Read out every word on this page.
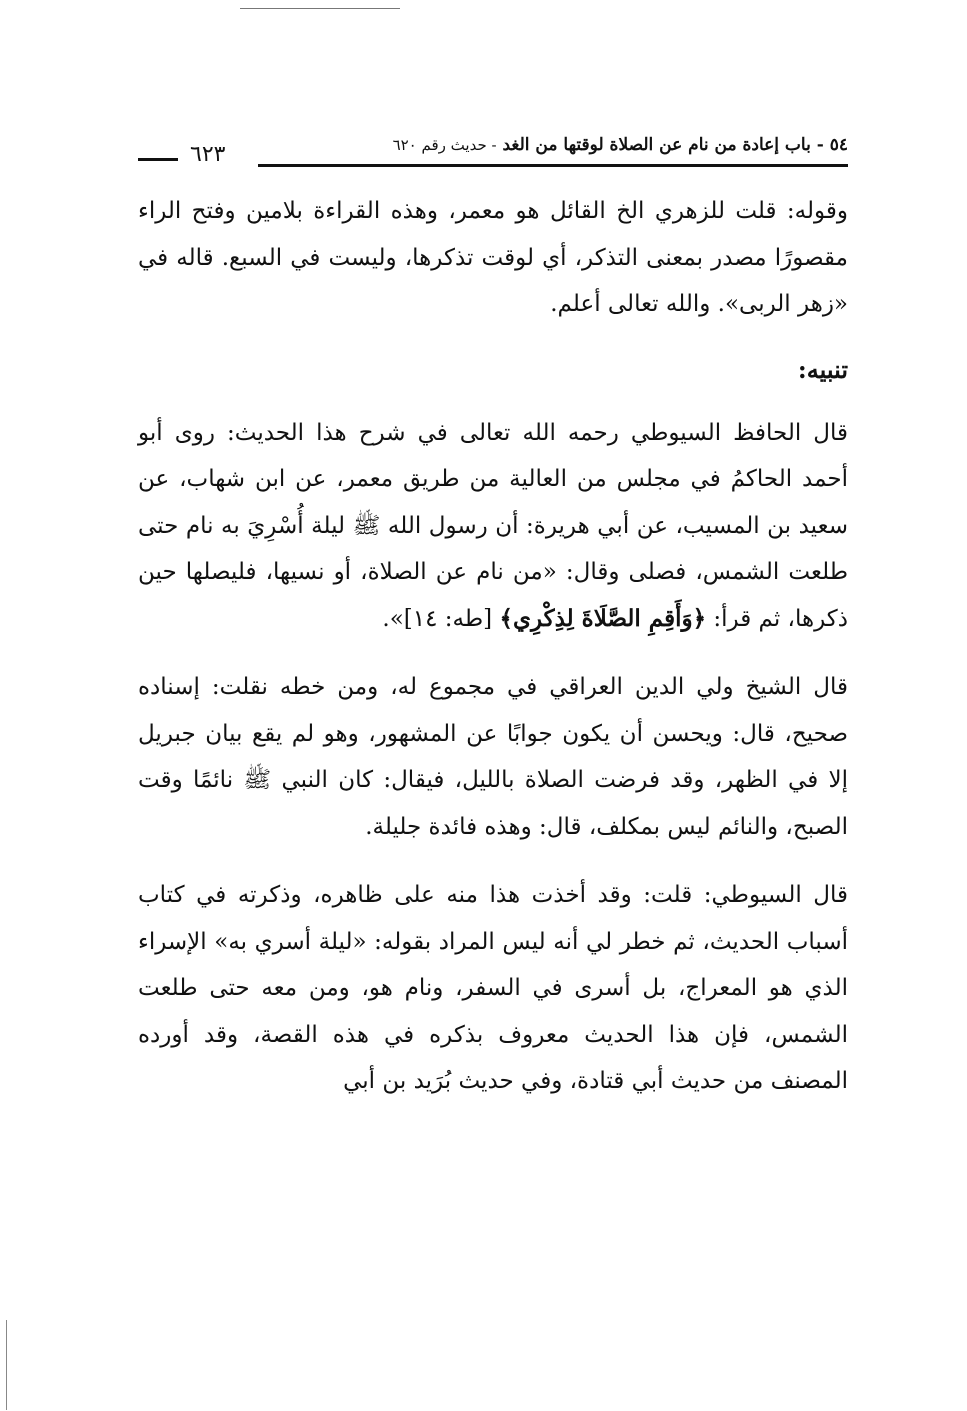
٥٤ - باب إعادة من نام عن الصلاة لوقتها من الغد - حديث رقم ٦٢٠
٦٢٣

وقوله: قلت للزهري الخ القائل هو معمر، وهذه القراءة بلامين وفتح الراء مقصورًا مصدر بمعنى التذكر، أي لوقت تذكرها، وليست في السبع. قاله في «زهر الربى». والله تعالى أعلم.

تنبيه:

قال الحافظ السيوطي رحمه الله تعالى في شرح هذا الحديث: روى أبو أحمد الحاكمُ في مجلس من العالية من طريق معمر، عن ابن شهاب، عن سعيد بن المسيب، عن أبي هريرة: أن رسول الله ﷺ ليلة أُسْرِيَ به نام حتى طلعت الشمس، فصلى وقال: «من نام عن الصلاة، أو نسيها، فليصلها حين ذكرها، ثم قرأ: ﴿وَأَقِمِ الصَّلَاةَ لِذِكْرِي﴾ [طه: ١٤]».

قال الشيخ ولي الدين العراقي في مجموع له، ومن خطه نقلت: إسناده صحيح، قال: ويحسن أن يكون جوابًا عن المشهور، وهو لم يقع بيان جبريل إلا في الظهر، وقد فرضت الصلاة بالليل، فيقال: كان النبي ﷺ نائمًا وقت الصبح، والنائم ليس بمكلف، قال: وهذه فائدة جليلة.

قال السيوطي: قلت: وقد أخذت هذا منه على ظاهره، وذكرته في كتاب أسباب الحديث، ثم خطر لي أنه ليس المراد بقوله: «ليلة أسري به» الإسراء الذي هو المعراج، بل أسرى في السفر، ونام هو، ومن معه حتى طلعت الشمس، فإن هذا الحديث معروف بذكره في هذه القصة، وقد أورده المصنف من حديث أبي قتادة، وفي حديث بُرَيد بن أبي
